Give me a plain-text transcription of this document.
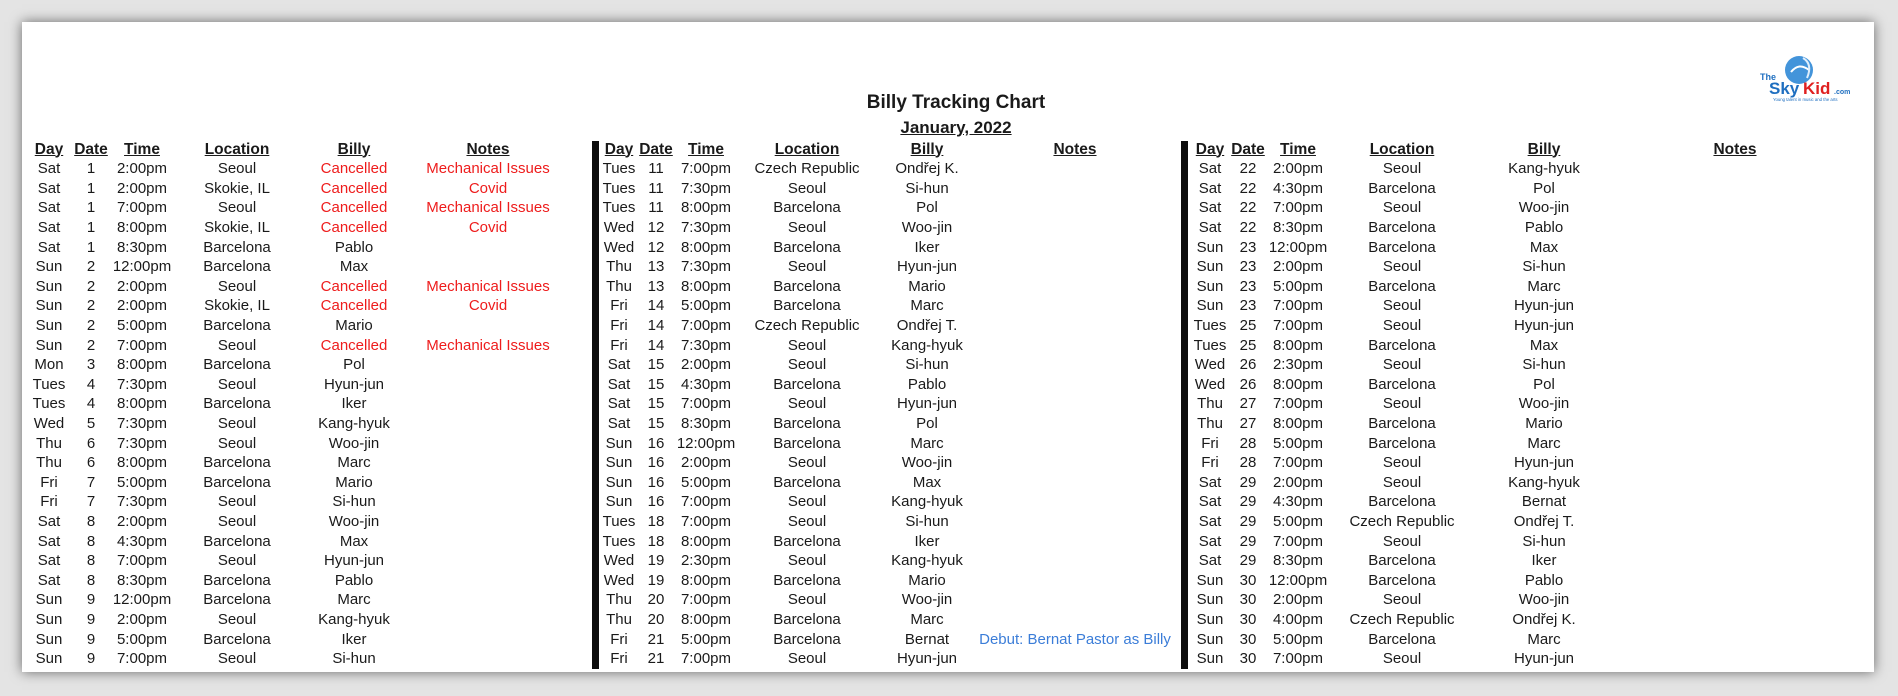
Billy Tracking Chart
January, 2022
The
Sky Kid .com
Young talent in music and the arts
Day	Date	Time	Location	Billy	Notes
Sat	1	2:00pm	Seoul	Cancelled	Mechanical Issues
Sat	1	2:00pm	Skokie, IL	Cancelled	Covid
Sat	1	7:00pm	Seoul	Cancelled	Mechanical Issues
Sat	1	8:00pm	Skokie, IL	Cancelled	Covid
Sat	1	8:30pm	Barcelona	Pablo	
Sun	2	12:00pm	Barcelona	Max	
Sun	2	2:00pm	Seoul	Cancelled	Mechanical Issues
Sun	2	2:00pm	Skokie, IL	Cancelled	Covid
Sun	2	5:00pm	Barcelona	Mario	
Sun	2	7:00pm	Seoul	Cancelled	Mechanical Issues
Mon	3	8:00pm	Barcelona	Pol	
Tues	4	7:30pm	Seoul	Hyun-jun	
Tues	4	8:00pm	Barcelona	Iker	
Wed	5	7:30pm	Seoul	Kang-hyuk	
Thu	6	7:30pm	Seoul	Woo-jin	
Thu	6	8:00pm	Barcelona	Marc	
Fri	7	5:00pm	Barcelona	Mario	
Fri	7	7:30pm	Seoul	Si-hun	
Sat	8	2:00pm	Seoul	Woo-jin	
Sat	8	4:30pm	Barcelona	Max	
Sat	8	7:00pm	Seoul	Hyun-jun	
Sat	8	8:30pm	Barcelona	Pablo	
Sun	9	12:00pm	Barcelona	Marc	
Sun	9	2:00pm	Seoul	Kang-hyuk	
Sun	9	5:00pm	Barcelona	Iker	
Sun	9	7:00pm	Seoul	Si-hun	
Day	Date	Time	Location	Billy	Notes
Tues	11	7:00pm	Czech Republic	Ondřej K.	
Tues	11	7:30pm	Seoul	Si-hun	
Tues	11	8:00pm	Barcelona	Pol	
Wed	12	7:30pm	Seoul	Woo-jin	
Wed	12	8:00pm	Barcelona	Iker	
Thu	13	7:30pm	Seoul	Hyun-jun	
Thu	13	8:00pm	Barcelona	Mario	
Fri	14	5:00pm	Barcelona	Marc	
Fri	14	7:00pm	Czech Republic	Ondřej T.	
Fri	14	7:30pm	Seoul	Kang-hyuk	
Sat	15	2:00pm	Seoul	Si-hun	
Sat	15	4:30pm	Barcelona	Pablo	
Sat	15	7:00pm	Seoul	Hyun-jun	
Sat	15	8:30pm	Barcelona	Pol	
Sun	16	12:00pm	Barcelona	Marc	
Sun	16	2:00pm	Seoul	Woo-jin	
Sun	16	5:00pm	Barcelona	Max	
Sun	16	7:00pm	Seoul	Kang-hyuk	
Tues	18	7:00pm	Seoul	Si-hun	
Tues	18	8:00pm	Barcelona	Iker	
Wed	19	2:30pm	Seoul	Kang-hyuk	
Wed	19	8:00pm	Barcelona	Mario	
Thu	20	7:00pm	Seoul	Woo-jin	
Thu	20	8:00pm	Barcelona	Marc	
Fri	21	5:00pm	Barcelona	Bernat	Debut: Bernat Pastor as Billy
Fri	21	7:00pm	Seoul	Hyun-jun	
Day	Date	Time	Location	Billy	Notes
Sat	22	2:00pm	Seoul	Kang-hyuk	
Sat	22	4:30pm	Barcelona	Pol	
Sat	22	7:00pm	Seoul	Woo-jin	
Sat	22	8:30pm	Barcelona	Pablo	
Sun	23	12:00pm	Barcelona	Max	
Sun	23	2:00pm	Seoul	Si-hun	
Sun	23	5:00pm	Barcelona	Marc	
Sun	23	7:00pm	Seoul	Hyun-jun	
Tues	25	7:00pm	Seoul	Hyun-jun	
Tues	25	8:00pm	Barcelona	Max	
Wed	26	2:30pm	Seoul	Si-hun	
Wed	26	8:00pm	Barcelona	Pol	
Thu	27	7:00pm	Seoul	Woo-jin	
Thu	27	8:00pm	Barcelona	Mario	
Fri	28	5:00pm	Barcelona	Marc	
Fri	28	7:00pm	Seoul	Hyun-jun	
Sat	29	2:00pm	Seoul	Kang-hyuk	
Sat	29	4:30pm	Barcelona	Bernat	
Sat	29	5:00pm	Czech Republic	Ondřej T.	
Sat	29	7:00pm	Seoul	Si-hun	
Sat	29	8:30pm	Barcelona	Iker	
Sun	30	12:00pm	Barcelona	Pablo	
Sun	30	2:00pm	Seoul	Woo-jin	
Sun	30	4:00pm	Czech Republic	Ondřej K.	
Sun	30	5:00pm	Barcelona	Marc	
Sun	30	7:00pm	Seoul	Hyun-jun	
